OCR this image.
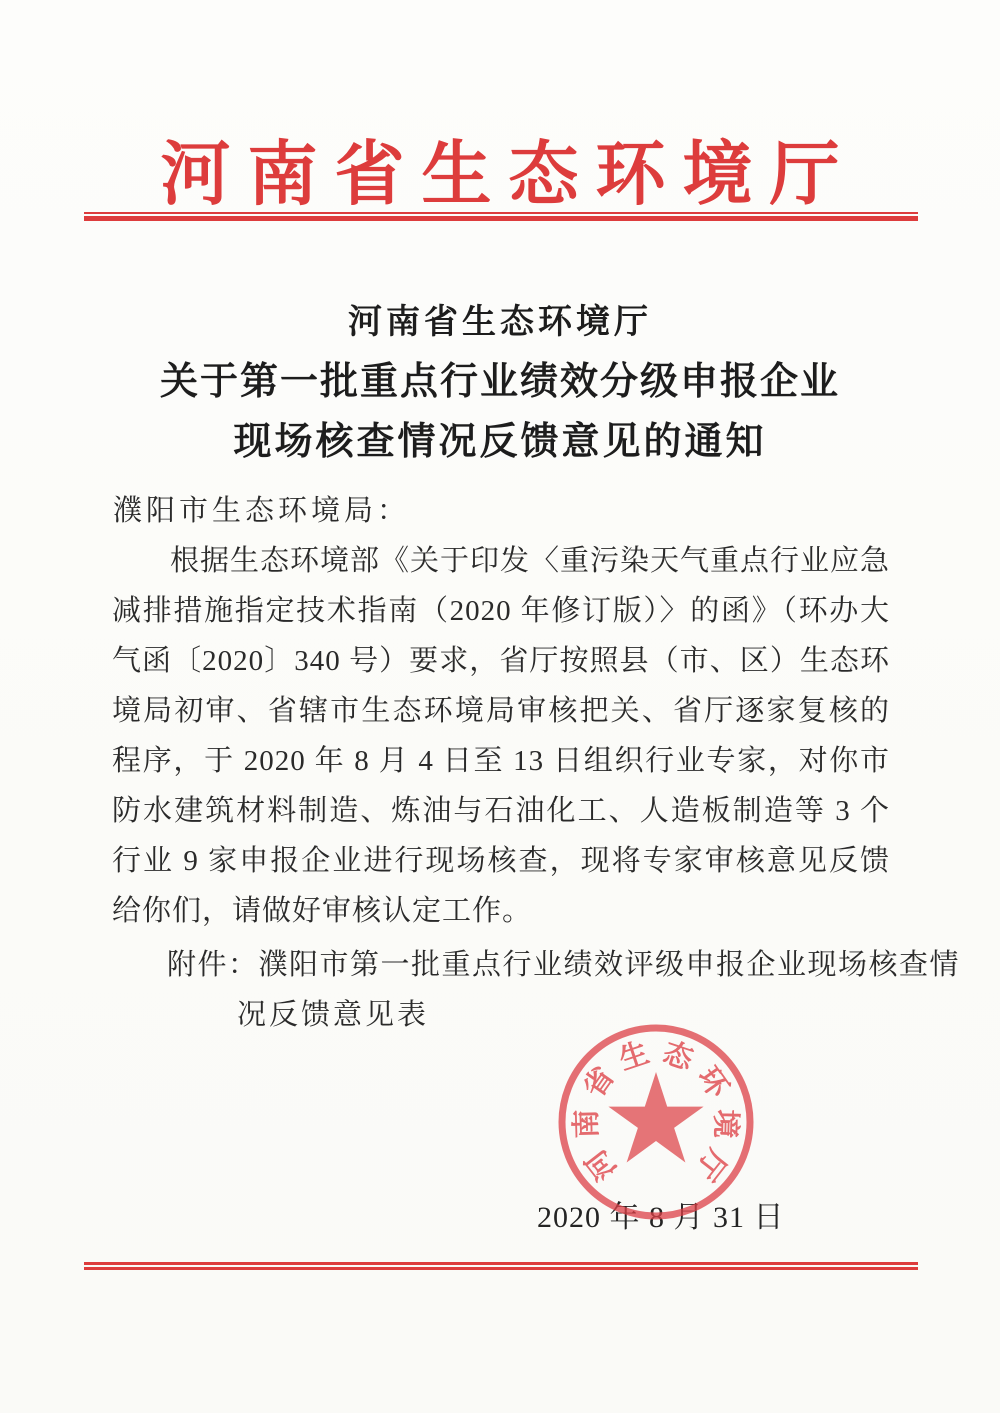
河南省生态环境厅
河南省生态环境厅
关于第一批重点行业绩效分级申报企业
现场核查情况反馈意见的通知
濮阳市生态环境局：

根据生态环境部《关于印发〈重污染天气重点行业应急减排措施指定技术指南（2020 年修订版）〉的函》（环办大气函〔2020〕340 号）要求，省厅按照县（市、区）生态环境局初审、省辖市生态环境局审核把关、省厅逐家复核的程序，于 2020 年 8 月 4 日至 13 日组织行业专家，对你市防水建筑材料制造、炼油与石油化工、人造板制造等 3 个行业 9 家申报企业进行现场核查，现将专家审核意见反馈给你们，请做好审核认定工作。

附件：濮阳市第一批重点行业绩效评级申报企业现场核查情
况反馈意见表
2020 年 8 月 31 日
河
南
省
生 态
环
境
厅
